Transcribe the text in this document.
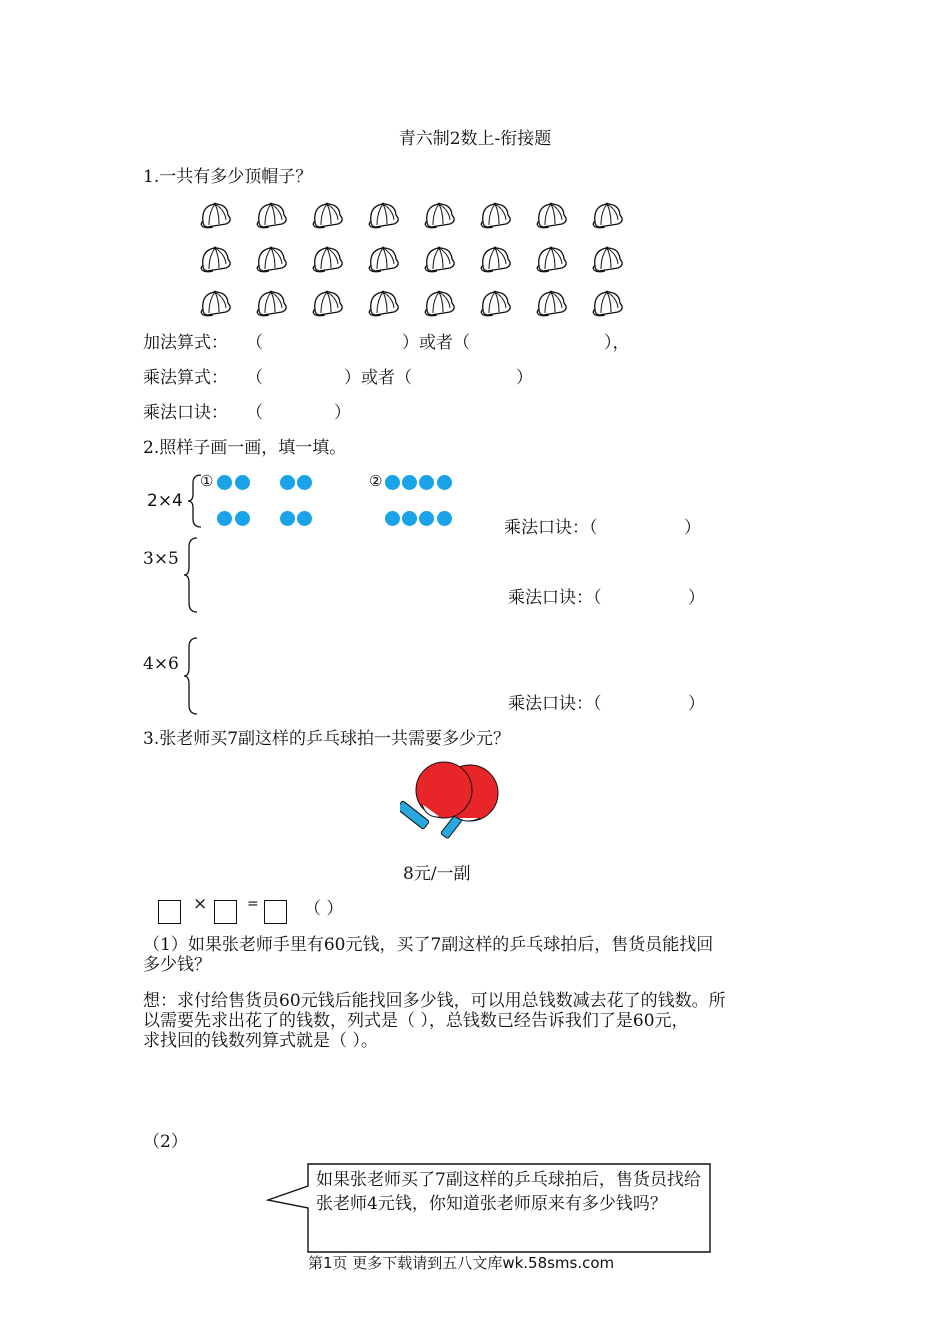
青六制2数上-衔接题
1.一共有多少顶帽子？
加法算式： （	）或者（	），
乘法算式： （	）或者（	）
乘法口诀： （	）
2.照样子画一画，填一填。
2×4
①	②
乘法口诀：（	）
3×5
乘法口诀：（	）
4×6
乘法口诀：（	）
3.张老师买7副这样的乒乓球拍一共需要多少元？
8元/一副
×	=	（ ）
（1）如果张老师手里有60元钱，买了7副这样的乒乓球拍后，售货员能找回
多少钱？
想：求付给售货员60元钱后能找回多少钱，可以用总钱数减去花了的钱数。所
以需要先求出花了的钱数，列式是（ ），总钱数已经告诉我们了是60元，
求找回的钱数列算式就是（ ）。
（2）
如果张老师买了7副这样的乒乓球拍后，售货员找给张老师4元钱，你知道张老师原来有多少钱吗？
第1页 更多下载请到五八文库wk.58sms.com
